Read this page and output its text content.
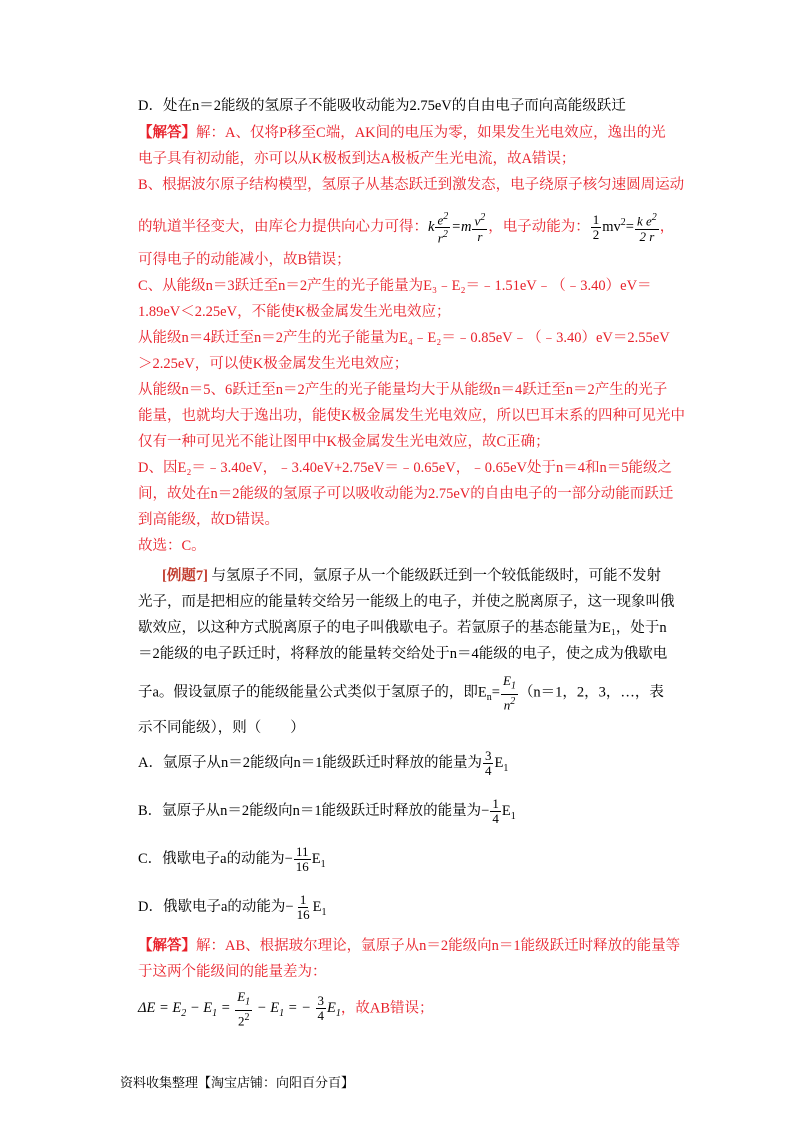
D．处在n＝2能级的氢原子不能吸收动能为2.75eV的自由电子而向高能级跃迁
【解答】解：A、仅将P移至C端，AK间的电压为零，如果发生光电效应，逸出的光
电子具有初动能，亦可以从K极板到达A极板产生光电流，故A错误；
B、根据波尔原子结构模型，氢原子从基态跃迁到激发态，电子绕原子核匀速圆周运动
的轨道半径变大，由库仑力提供向心力可得：k $\frac{e^2}{r^2} =m \frac{v^2}{r}$ ，电子动能为： $\frac{1}{2} mv^2= \frac{k e^2}{2 r}$ ，
可得电子的动能减小，故B错误；
C、从能级n＝3跃迁至n＝2产生的光子能量为E₃﹣E₂＝﹣1.51eV﹣（﹣3.40）eV＝
1.89eV＜2.25eV，不能使K极金属发生光电效应；
从能级n＝4跃迁至n＝2产生的光子能量为E₄﹣E₂＝﹣0.85eV﹣（﹣3.40）eV＝2.55eV
＞2.25eV，可以使K极金属发生光电效应；
从能级n＝5、6跃迁至n＝2产生的光子能量均大于从能级n＝4跃迁至n＝2产生的光子
能量，也就均大于逸出功，能使K极金属发生光电效应，所以巴耳末系的四种可见光中
仅有一种可见光不能让图甲中K极金属发生光电效应，故C正确；
D、因E₂＝﹣3.40eV，﹣3.40eV+2.75eV＝﹣0.65eV，﹣0.65eV处于n＝4和n＝5能级之
间，故处在n＝2能级的氢原子可以吸收动能为2.75eV的自由电子的一部分动能而跃迁
到高能级，故D错误。
故选：C。
[例题7] 与氢原子不同，氩原子从一个能级跃迁到一个较低能级时，可能不发射
光子，而是把相应的能量转交给另一能级上的电子，并使之脱离原子，这一现象叫俄
歇效应，以这种方式脱离原子的电子叫俄歇电子。若氩原子的基态能量为E₁，处于n
＝2能级的电子跃迁时，将释放的能量转交给处于n＝4能级的电子，使之成为俄歇电
子a。假设氩原子的能级能量公式类似于氢原子的，即$E_n= \frac{E_1}{n^2} (n=1$，2，3，…，表
示不同能级），则（　　）
A．氩原子从n＝2能级向n＝1能级跃迁时释放的能量为 $\frac{3}{4} E_1$
B．氩原子从n＝2能级向n＝1能级跃迁时释放的能量为− $\frac{1}{4} E_1$
C．俄歇电子a的动能为− $\frac{11}{16} E_1$
D．俄歇电子a的动能为− $\frac{1}{16} E_1$
【解答】解：AB、根据玻尔理论，氩原子从n＝2能级向n＝1能级跃迁时释放的能量等
于这两个能级间的能量差为：
$\Delta E = E_2 - E_1 = \frac{E_1}{2^2} - E_1$ = − $\frac{3}{4} E_1$，故AB错误；
资料收集整理【淘宝店铺：向阳百分百】
